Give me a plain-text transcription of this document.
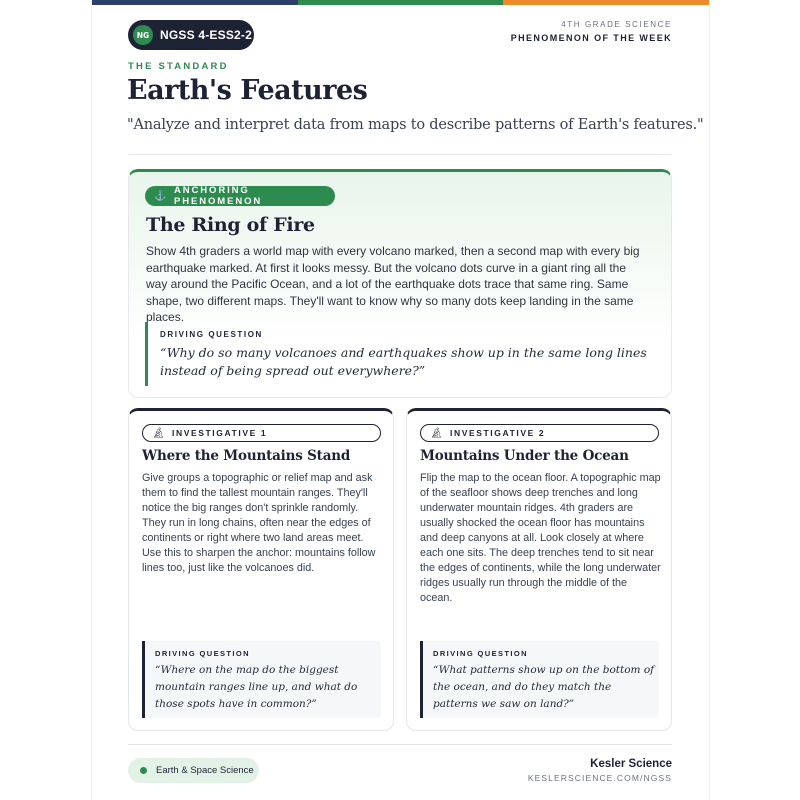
NG NGSS 4-ESS2-2
4TH GRADE SCIENCE
PHENOMENON OF THE WEEK
THE STANDARD
Earth's Features

"Analyze and interpret data from maps to describe patterns of Earth's features."

⚓ ANCHORING PHENOMENON
The Ring of Fire

Show 4th graders a world map with every volcano marked, then a second map with every big earthquake marked. At first it looks messy. But the volcano dots curve in a giant ring all the way around the Pacific Ocean, and a lot of the earthquake dots trace that same ring. Same shape, two different maps. They'll want to know why so many dots keep landing in the same places.

DRIVING QUESTION
“Why do so many volcanoes and earthquakes show up in the same long lines instead of being spread out everywhere?”
🔬︎ INVESTIGATIVE 1
Where the Mountains Stand

Give groups a topographic or relief map and ask them to find the tallest mountain ranges. They'll notice the big ranges don't sprinkle randomly. They run in long chains, often near the edges of continents or right where two land areas meet. Use this to sharpen the anchor: mountains follow lines too, just like the volcanoes did.

DRIVING QUESTION
“Where on the map do the biggest mountain ranges line up, and what do those spots have in common?”
🔬︎ INVESTIGATIVE 2
Mountains Under the Ocean

Flip the map to the ocean floor. A topographic map of the seafloor shows deep trenches and long underwater mountain ridges. 4th graders are usually shocked the ocean floor has mountains and deep canyons at all. Look closely at where each one sits. The deep trenches tend to sit near the edges of continents, while the long underwater ridges usually run through the middle of the ocean.

DRIVING QUESTION
“What patterns show up on the bottom of the ocean, and do they match the patterns we saw on land?”
Earth & Space Science
Kesler Science
KESLERSCIENCE.COM/NGSS
